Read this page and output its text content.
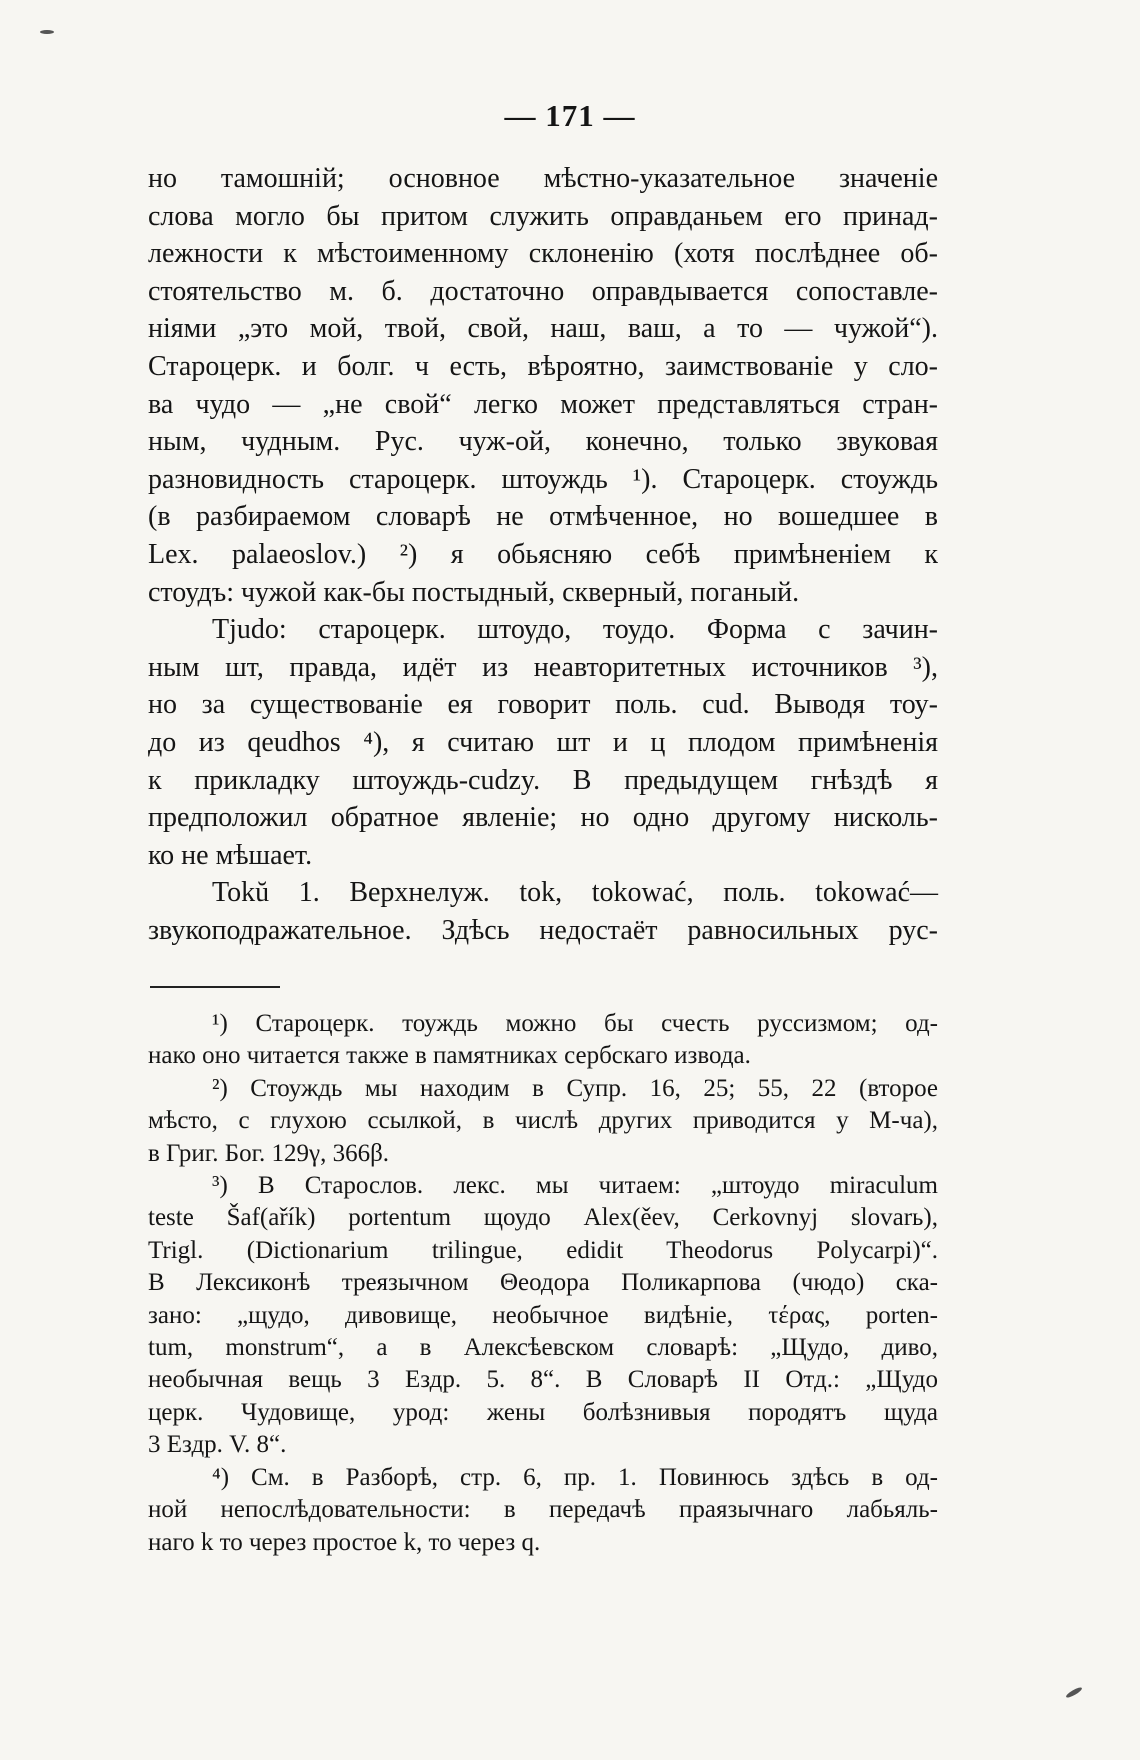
— 171 —
но тамошній; основное мѣстно-указательное значеніе
слова могло бы притом служить оправданьем его принад-
лежности к мѣстоименному склоненію (хотя послѣднее об-
стоятельство м. б. достаточно оправдывается сопоставле-
ніями „это мой, твой, свой, наш, ваш, а то — чужой“).
Староцерк. и болг. ч есть, вѣроятно, заимствованіе у сло-
ва чудо — „не свой“ легко может представляться стран-
ным, чудным. Рус. чуж-ой, конечно, только звуковая
разновидность староцерк. штоуждь ¹). Староцерк. стоуждь
(в разбираемом словарѣ не отмѣченное, но вошедшее в
Lex. palaeoslov.) ²) я обьясняю себѣ примѣненіем к
стоудъ: чужой как-бы постыдный, скверный, поганый.
Tjudo: староцерк. штоудо, тоудо. Форма с зачин-
ным шт, правда, идёт из неавторитетных источников ³),
но за существованіе ея говорит поль. cud. Выводя тоу-
до из qeudhos ⁴), я считаю шт и ц плодом примѣненія
к прикладку штоуждь-cudzy. В предыдущем гнѣздѣ я
предположил обратное явленіе; но одно другому нисколь-
ко не мѣшает.
Tokŭ 1. Верхнелуж. tok, tokować, поль. tokować—
звукоподражательное. Здѣсь недостаёт равносильных рус-
¹) Староцерк. тоуждь можно бы счесть руссизмом; од-
нако оно читается также в памятниках сербскаго извода.
²) Стоуждь мы находим в Супр. 16, 25; 55, 22 (второе
мѣсто, с глухою ссылкой, в числѣ других приводится у М-ча),
в Григ. Бог. 129γ, 366β.
³) В Старослов. лекс. мы читаем: „штоудо miraculum
teste Šaf(ařík) portentum щоудо Alex(ěev, Cerkovnyj slovarь),
Trigl. (Dictionarium trilingue, edidit Theodorus Polycarpi)“.
В Лексиконѣ треязычном Θеодора Поликарпова (чюдо) ска-
зано: „щудо, дивовище, необычное видѣніе, τέρας, porten-
tum, monstrum“, а в Алексѣевском словарѣ: „Щудо, диво,
необычная вещь 3 Ездр. 5. 8“. В Словарѣ II Отд.: „Щудо
церк. Чудовище, урод: жены болѣзнивыя породятъ щуда
3 Ездр. V. 8“.
⁴) См. в Разборѣ, стр. 6, пр. 1. Повинюсь здѣсь в од-
ной непослѣдовательности: в передачѣ праязычнаго лабьяль-
наго k то через простое k, то через q.
